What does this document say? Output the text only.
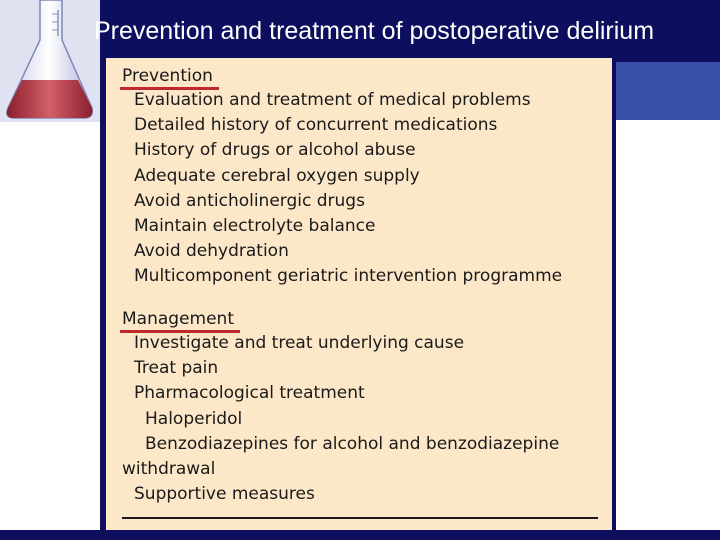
Prevention and treatment of postoperative delirium
Prevention
Evaluation and treatment of medical problems
Detailed history of concurrent medications
History of drugs or alcohol abuse
Adequate cerebral oxygen supply
Avoid anticholinergic drugs
Maintain electrolyte balance
Avoid dehydration
Multicomponent geriatric intervention programme
Management
Investigate and treat underlying cause
Treat pain
Pharmacological treatment
Haloperidol
Benzodiazepines for alcohol and benzodiazepine
withdrawal
Supportive measures
